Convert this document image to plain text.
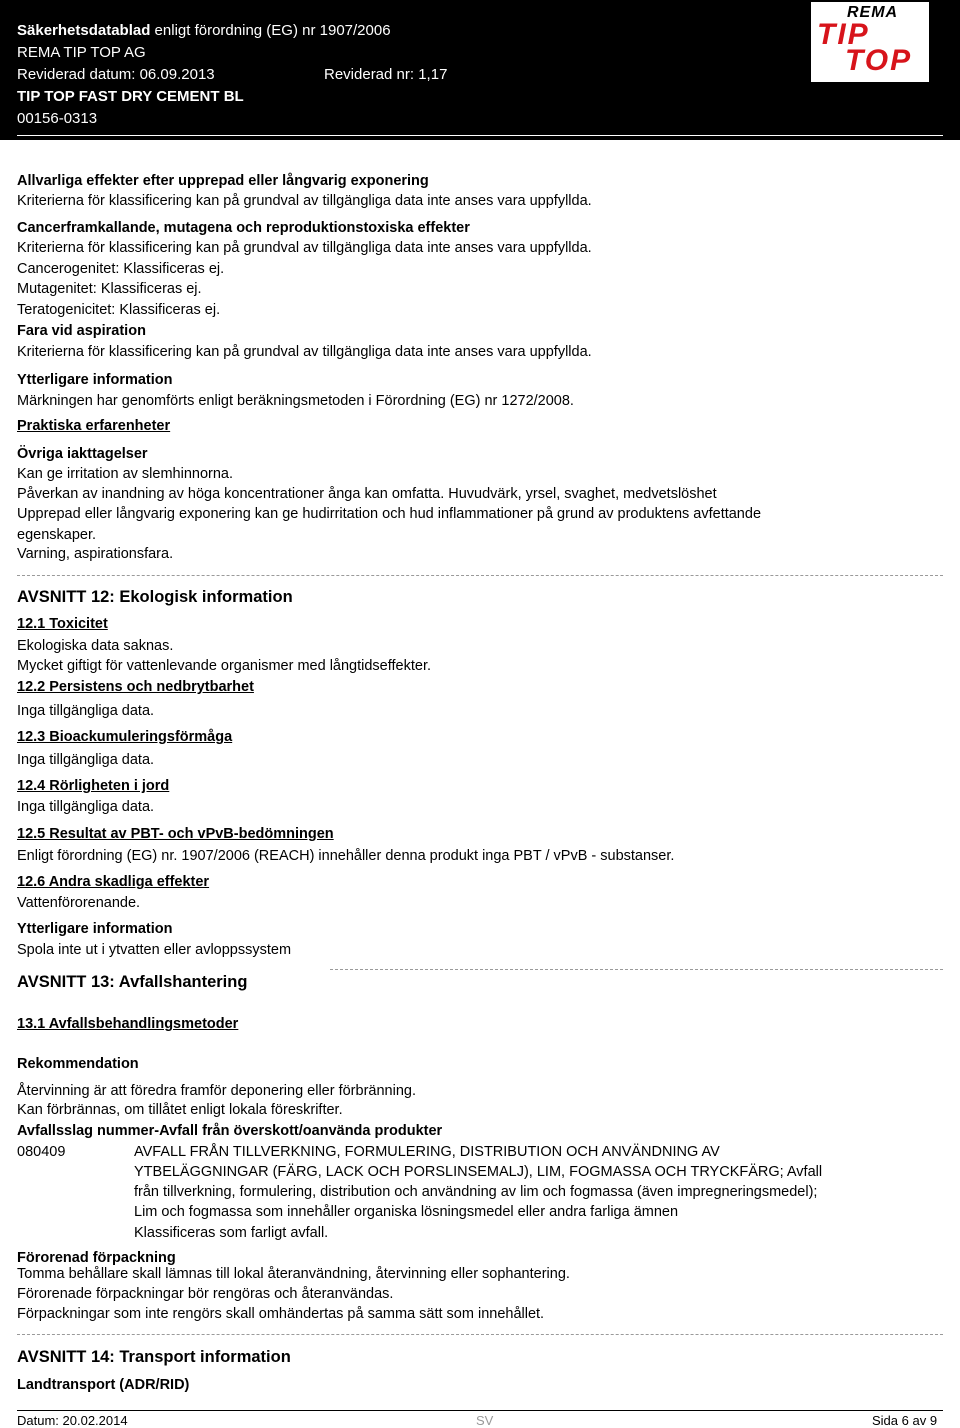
Säkerhetsdatablad enligt förordning (EG) nr 1907/2006
REMA TIP TOP AG
Reviderad datum: 06.09.2013	Reviderad nr: 1,17
TIP TOP FAST DRY CEMENT BL
00156-0313
REMA
TIP
TOP
Allvarliga effekter efter upprepad eller långvarig exponering
Kriterierna för klassificering kan på grundval av tillgängliga data inte anses vara uppfyllda.
Cancerframkallande, mutagena och reproduktionstoxiska effekter
Kriterierna för klassificering kan på grundval av tillgängliga data inte anses vara uppfyllda.
Cancerogenitet: Klassificeras ej.
Mutagenitet: Klassificeras ej.
Teratogenicitet: Klassificeras ej.
Fara vid aspiration
Kriterierna för klassificering kan på grundval av tillgängliga data inte anses vara uppfyllda.
Ytterligare information
Märkningen har genomförts enligt beräkningsmetoden i Förordning (EG) nr 1272/2008.
Praktiska erfarenheter
Övriga iakttagelser
Kan ge irritation av slemhinnorna.
Påverkan av inandning av höga koncentrationer ånga kan omfatta. Huvudvärk, yrsel, svaghet, medvetslöshet
Upprepad eller långvarig exponering kan ge hudirritation och hud inflammationer på grund av produktens avfettande
egenskaper.
Varning, aspirationsfara.
AVSNITT 12: Ekologisk information
12.1 Toxicitet
Ekologiska data saknas.
Mycket giftigt för vattenlevande organismer med långtidseffekter.
12.2 Persistens och nedbrytbarhet
Inga tillgängliga data.
12.3 Bioackumuleringsförmåga
Inga tillgängliga data.
12.4 Rörligheten i jord
Inga tillgängliga data.
12.5 Resultat av PBT- och vPvB-bedömningen
Enligt förordning (EG) nr. 1907/2006 (REACH) innehåller denna produkt inga PBT / vPvB - substanser.
12.6 Andra skadliga effekter
Vattenförorenande.
Ytterligare information
Spola inte ut i ytvatten eller avloppssystem
AVSNITT 13: Avfallshantering
13.1 Avfallsbehandlingsmetoder
Rekommendation
Återvinning är att föredra framför deponering eller förbränning.
Kan förbrännas, om tillåtet enligt lokala föreskrifter.
Avfallsslag nummer-Avfall från överskott/oanvända produkter
080409	AVFALL FRÅN TILLVERKNING, FORMULERING, DISTRIBUTION OCH ANVÄNDNING AV
YTBELÄGGNINGAR (FÄRG, LACK OCH PORSLINSEMALJ), LIM, FOGMASSA OCH TRYCKFÄRG; Avfall
från tillverkning, formulering, distribution och användning av lim och fogmassa (även impregneringsmedel);
Lim och fogmassa som innehåller organiska lösningsmedel eller andra farliga ämnen
Klassificeras som farligt avfall.
Förorenad förpackning
Tomma behållare skall lämnas till lokal återanvändning, återvinning eller sophantering.
Förorenade förpackningar bör rengöras och återanvändas.
Förpackningar som inte rengörs skall omhändertas på samma sätt som innehållet.
AVSNITT 14: Transport information
Landtransport (ADR/RID)
Datum: 20.02.2014	SV	Sida 6 av 9
